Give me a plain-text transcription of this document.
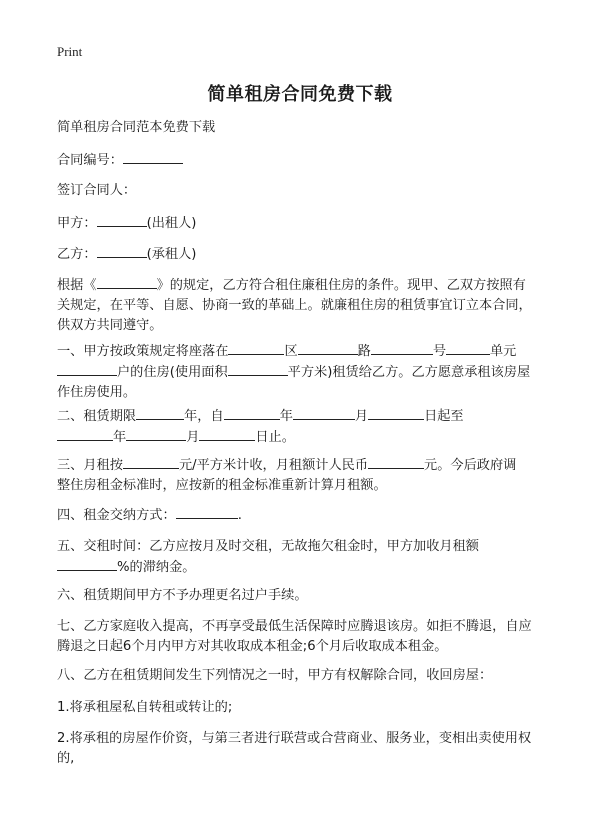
Print
简单租房合同免费下载
简单租房合同范本免费下载
合同编号：
签订合同人：
甲方：	(出租人)
乙方：	(承租人)
根据《	》的规定，乙方符合租住廉租住房的条件。现甲、乙双方按照有
关规定，在平等、自愿、协商一致的革础上。就廉租住房的租赁事宜订立本合同，
供双方共同遵守。
一、甲方按政策规定将座落在	区	路	号	单元
户的住房(使用面积	平方米)租赁给乙方。乙方愿意承租该房屋
作住房使用。
二、租赁期限	年，自	年	月	日起至
年	月	日止。
三、月租按	元/平方米计收，月租额计人民币	元。今后政府调
整住房租金标准时，应按新的租金标准重新计算月租额。
四、租金交纳方式：	.
五、交租时间：乙方应按月及时交租，无故拖欠租金时，甲方加收月租额
%的滞纳金。
六、租赁期间甲方不予办理更名过户手续。
七、乙方家庭收入提高，不再享受最低生活保障时应腾退该房。如拒不腾退，自应
腾退之日起6个月内甲方对其收取成本租金;6个月后收取成本租金。
八、乙方在租赁期间发生下列情况之一时，甲方有权解除合同，收回房屋：
1.将承租屋私自转租或转让的;
2.将承租的房屋作价资，与第三者进行联营或合营商业、服务业，变相出卖使用权
的,
